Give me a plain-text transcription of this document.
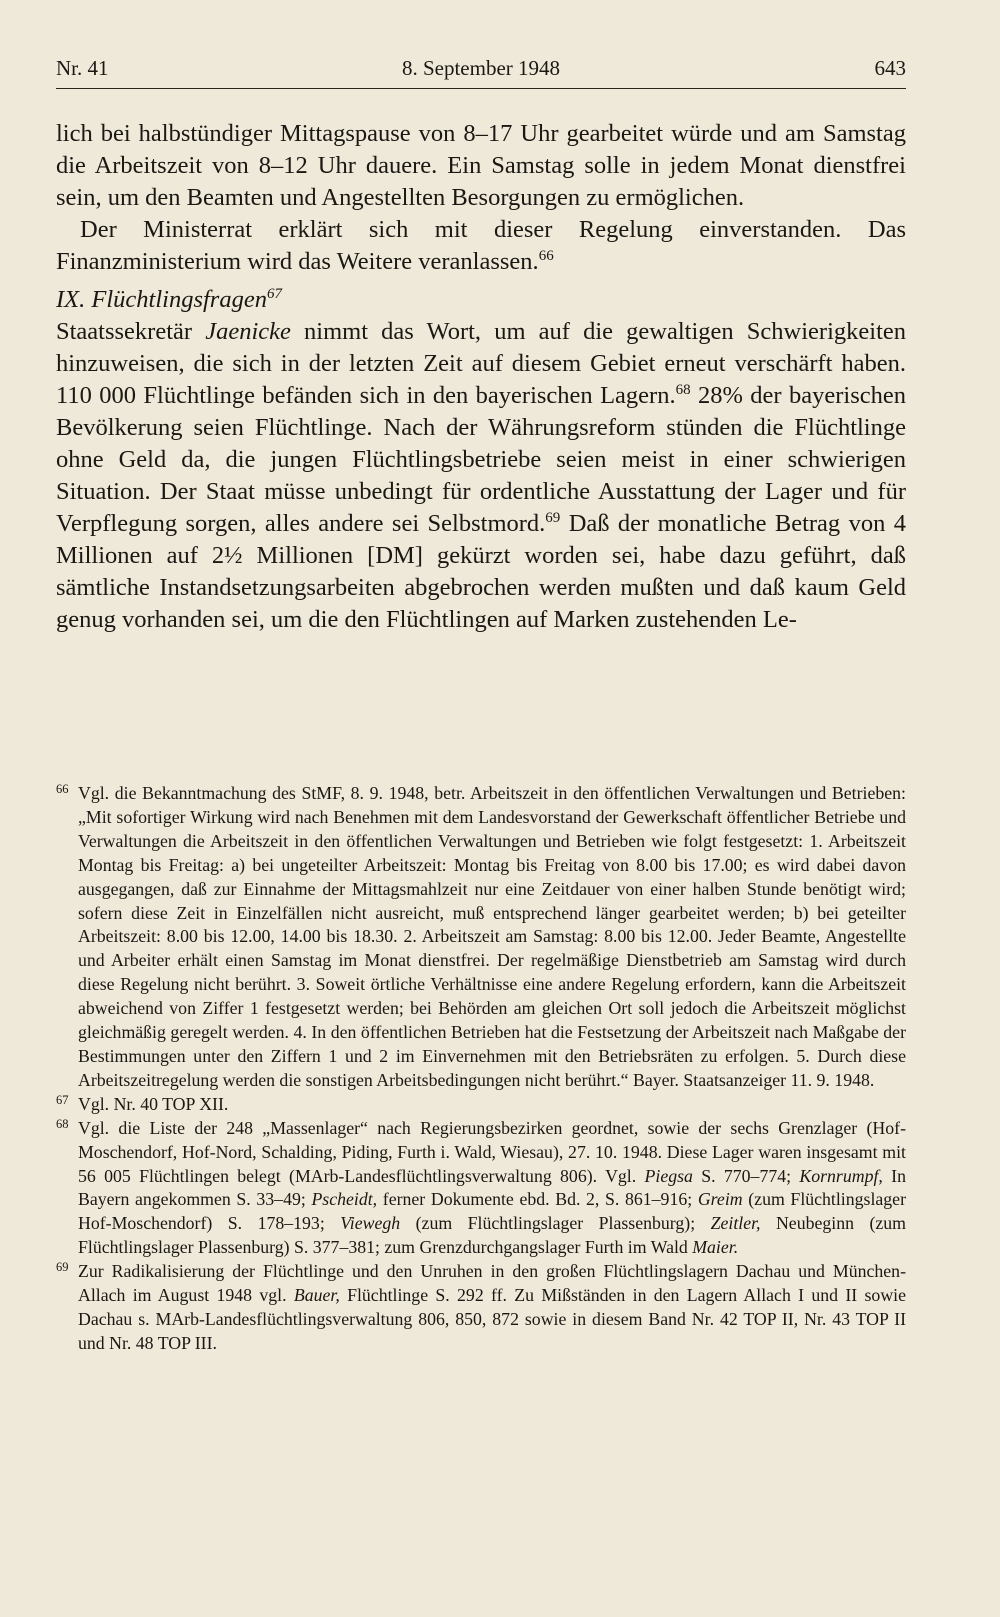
Nr. 41	8. September 1948	643

lich bei halbstündiger Mittagspause von 8–17 Uhr gearbeitet würde und am Samstag die Arbeitszeit von 8–12 Uhr dauere. Ein Samstag solle in jedem Monat dienstfrei sein, um den Beamten und Angestellten Besorgungen zu ermöglichen.

Der Ministerrat erklärt sich mit dieser Regelung einverstanden. Das Finanzministerium wird das Weitere veranlassen.$^{66}$

IX. Flüchtlingsfragen$^{67}$

Staatssekretär Jaenicke nimmt das Wort, um auf die gewaltigen Schwierigkeiten hinzuweisen, die sich in der letzten Zeit auf diesem Gebiet erneut verschärft haben. 110 000 Flüchtlinge befänden sich in den bayerischen Lagern.$^{68}$ 28% der bayerischen Bevölkerung seien Flüchtlinge. Nach der Währungsreform stünden die Flüchtlinge ohne Geld da, die jungen Flüchtlingsbetriebe seien meist in einer schwierigen Situation. Der Staat müsse unbedingt für ordentliche Ausstattung der Lager und für Verpflegung sorgen, alles andere sei Selbstmord.$^{69}$ Daß der monatliche Betrag von 4 Millionen auf 2½ Millionen [DM] gekürzt worden sei, habe dazu geführt, daß sämtliche Instandsetzungsarbeiten abgebrochen werden mußten und daß kaum Geld genug vorhanden sei, um die den Flüchtlingen auf Marken zustehenden Le-

66 Vgl. die Bekanntmachung des StMF, 8. 9. 1948, betr. Arbeitszeit in den öffentlichen Verwaltungen und Betrieben: „Mit sofortiger Wirkung wird nach Benehmen mit dem Landesvorstand der Gewerkschaft öffentlicher Betriebe und Verwaltungen die Arbeitszeit in den öffentlichen Verwaltungen und Betrieben wie folgt festgesetzt: 1. Arbeitszeit Montag bis Freitag: a) bei ungeteilter Arbeitszeit: Montag bis Freitag von 8.00 bis 17.00; es wird dabei davon ausgegangen, daß zur Einnahme der Mittagsmahlzeit nur eine Zeitdauer von einer halben Stunde benötigt wird; sofern diese Zeit in Einzelfällen nicht ausreicht, muß entsprechend länger gearbeitet werden; b) bei geteilter Arbeitszeit: 8.00 bis 12.00, 14.00 bis 18.30. 2. Arbeitszeit am Samstag: 8.00 bis 12.00. Jeder Beamte, Angestellte und Arbeiter erhält einen Samstag im Monat dienstfrei. Der regelmäßige Dienstbetrieb am Samstag wird durch diese Regelung nicht berührt. 3. Soweit örtliche Verhältnisse eine andere Regelung erfordern, kann die Arbeitszeit abweichend von Ziffer 1 festgesetzt werden; bei Behörden am gleichen Ort soll jedoch die Arbeitszeit möglichst gleichmäßig geregelt werden. 4. In den öffentlichen Betrieben hat die Festsetzung der Arbeitszeit nach Maßgabe der Bestimmungen unter den Ziffern 1 und 2 im Einvernehmen mit den Betriebsräten zu erfolgen. 5. Durch diese Arbeitszeitregelung werden die sonstigen Arbeitsbedingungen nicht berührt.“ Bayer. Staatsanzeiger 11. 9. 1948.

67 Vgl. Nr. 40 TOP XII.

68 Vgl. die Liste der 248 „Massenlager“ nach Regierungsbezirken geordnet, sowie der sechs Grenzlager (Hof-Moschendorf, Hof-Nord, Schalding, Piding, Furth i. Wald, Wiesau), 27. 10. 1948. Diese Lager waren insgesamt mit 56 005 Flüchtlingen belegt (MArb-Landesflüchtlingsverwaltung 806). Vgl. Piegsa S. 770–774; Kornrumpf, In Bayern angekommen S. 33–49; Pscheidt, ferner Dokumente ebd. Bd. 2, S. 861–916; Greim (zum Flüchtlingslager Hof-Moschendorf) S. 178–193; Viewegh (zum Flüchtlingslager Plassenburg); Zeitler, Neubeginn (zum Flüchtlingslager Plassenburg) S. 377–381; zum Grenzdurchgangslager Furth im Wald Maier.

69 Zur Radikalisierung der Flüchtlinge und den Unruhen in den großen Flüchtlingslagern Dachau und München-Allach im August 1948 vgl. Bauer, Flüchtlinge S. 292 ff. Zu Mißständen in den Lagern Allach I und II sowie Dachau s. MArb-Landesflüchtlingsverwaltung 806, 850, 872 sowie in diesem Band Nr. 42 TOP II, Nr. 43 TOP II und Nr. 48 TOP III.
